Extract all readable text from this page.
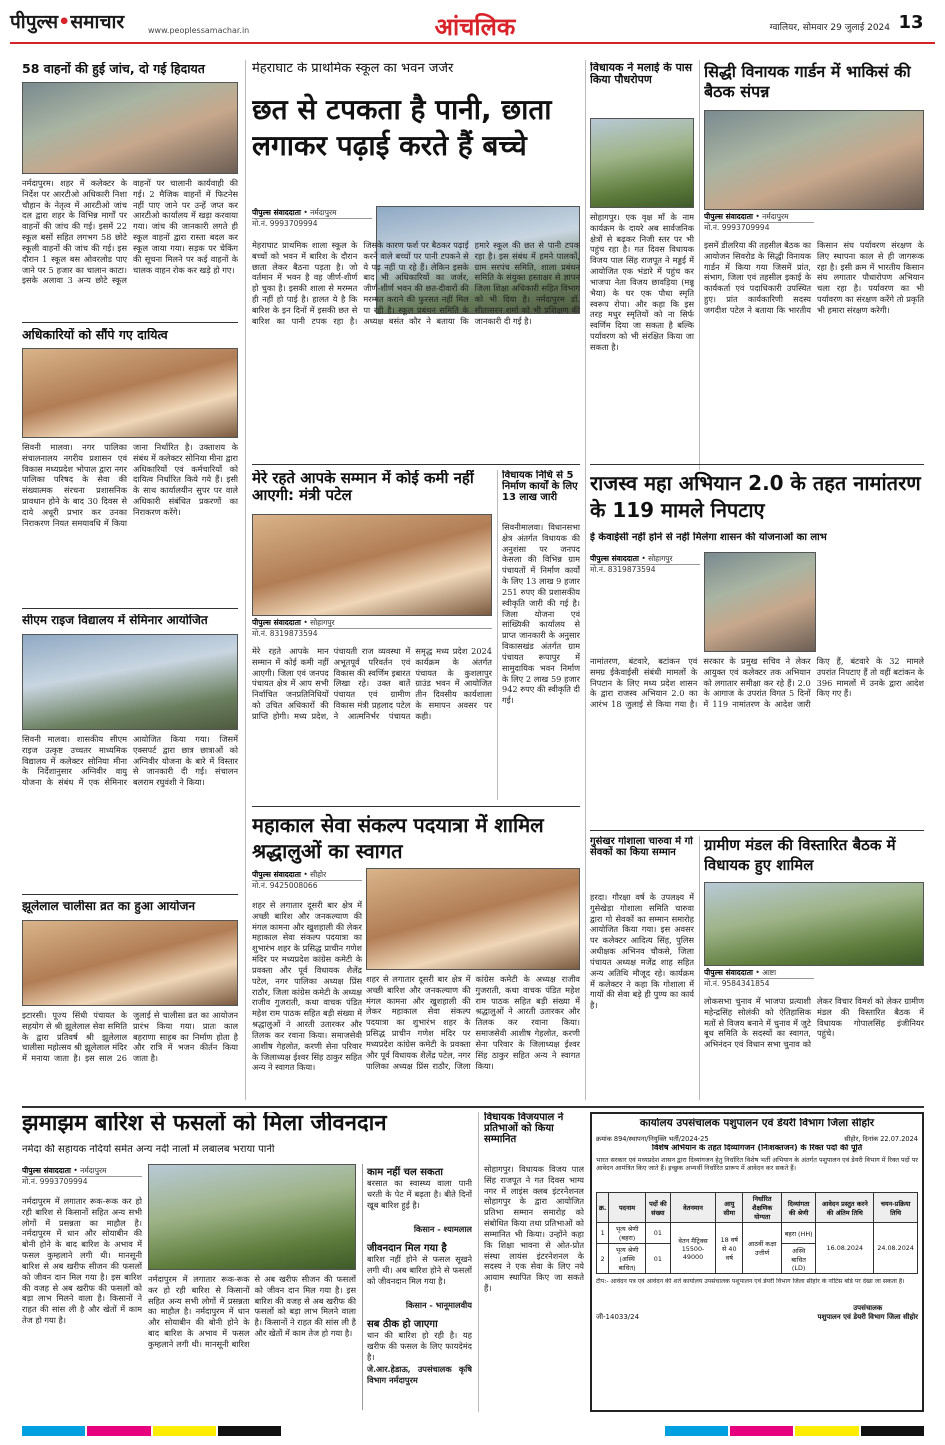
पीपुल्स•समाचार	www.peoplessamachar.in	आंचलिक	ग्वालियर, सोमवार 29 जुलाई 2024 13
58 वाहनों की हुई जांच, दो गई हिदायत
नर्मदापुरम। शहर में कलेक्टर के निर्देश पर आरटीओ अधिकारी निशा चौहान के नेतृत्व में आरटीओ जांच दल द्वारा शहर के विभिन्न मार्गों पर वाहनों की जांच की गई। इसमें 22 स्कूल बसों सहित लगभग 58 छोटे स्कूली वाहनों की जांच की गई। इस दौरान 1 स्कूल बस ओवरलोड पाए जाने पर 5 हजार का चालान काटा। इसके अलावा 3 अन्य छोटे स्कूल वाहनों पर चालानी कार्यवाही की गई। 2 मैजिक वाहनों में फिटनेस नहीं पाए जाने पर उन्हें जप्त कर आरटीओ कार्यालय में खड़ा करवाया गया। जांच की जानकारी लगते ही स्कूल वाहनों द्वारा रास्ता बदल कर स्कूल जाया गया। सड़क पर चेकिंग की सूचना मिलने पर कई वाहनों के चालक वाहन रोक कर खड़े हो गए।
अधिकारियों को सौंपे गए दायित्व
सिवनी मालवा। नगर पालिका संचालनालय नगरीय प्रशासन एवं विकास मध्यप्रदेश भोपाल द्वारा नगर पालिका परिषद के सेवा की संख्यात्मक संरचना प्रशासनिक प्रावधान होने के बाद 30 दिवस से दाये अधूरी प्रभार कर उनका निराकरण नियत समयावधि में किया जाना निर्धारित है। उक्ताशय के संबंध में कलेक्टर सोनिया मीना द्वारा अधिकारियों एवं कर्मचारियों को दायित्व निर्धारित किये गये हैं। इसी के साथ कार्यालयीन सुपर पर वाले अधिकारी संबंधित प्रकरणों का निराकरण करेंगे।
सीएम राइज विद्यालय में सेमिनार आयोजित
सिवनी मालवा। शासकीय सीएम राइज उत्कृष्ट उच्चतर माध्यमिक विद्यालय में कलेक्टर सोनिया मीना के निर्देशानुसार अग्निवीर वायु योजना के संबंध में एक सेमिनार आयोजित किया गया। जिसमें एक्सपर्ट द्वारा छात्र छात्राओं को अग्निवीर योजना के बारे में विस्तार से जानकारी दी गई। संचालन बलराम रघुवंशी ने किया।
झूलेलाल चालीसा व्रत का हुआ आयोजन
इटारसी। पूज्य सिंधी पंचायत के सहयोग से श्री झूलेलाल सेवा समिति के द्वारा प्रतिवर्ष श्री झूलेलाल चालीसा महोत्सव श्री झूलेलाल मंदिर में मनाया जाता है। इस साल 26 जुलाई से चालीसा व्रत का आयोजन प्रारंभ किया गया। प्रातः काल बहराणा साहब का निर्माण होता है और रात्रि में भजन कीर्तन किया जाता है।
मेहराघाट के प्राथमिक स्कूल का भवन जर्जर
छत से टपकता है पानी, छाता लगाकर पढ़ाई करते हैं बच्चे
पीपुल्स संवाददाता • नर्मदापुरम
मो.नं. 9993709994
मेहराघाट प्राथमिक शाला स्कूल के बच्चों को भवन में बारिश के दौरान छाता लेकर बैठना पड़ता है। जो वर्तमान में भवन है वह जीर्ण-शीर्ण हो चुका है। इसकी शाला से मरम्मत ही नहीं हो पाई है। हालत ये है कि बारिश के इन दिनों में इसकी छत से बारिश का पानी टपक रहा है। जिसके कारण फर्श पर बैठकर पढ़ाई करने वाले बच्चों पर पानी टपकने से ये पढ़ नहीं पा रहे हैं। लेकिन इसके बाद भी अधिकारियों का जर्जर, जीर्ण-शीर्ण भवन की छत-दीवारों की मरम्मत कराने की फुरसत नहीं मिल पा रही है। स्कूल प्रबंधन समिति के अध्यक्ष बसंत कौर ने बताया कि हमारे स्कूल की छत से पानी टपक रहा है। इस संबंध में हमने पालकों, ग्राम सरपंच समिति, शाला प्रबंधन समिति के संयुक्त हस्ताक्षर से ज्ञापन जिला शिक्षा अधिकारी सहित विभाग को भी दिया है। नर्मदापुरम डॉ. सीतासरन शर्मा को भी प्रशिक्षण की जानकारी दी गई है।
मेरे रहते आपके सम्मान में कोई कमी नहीं आएगी: मंत्री पटेल
पीपुल्स संवाददाता • सोहागपुर
मो.नं. 8319873594
मेरे रहते आपके मान सम्मान में कोई कमी नहीं आएगी। जिला एवं जनपद पंचायत क्षेत्र में आप सभी निर्वाचित जनप्रतिनिधियों को उचित अधिकारों की प्राप्ति होगी। मध्य प्रदेश, पंचायती राज व्यवस्था में अभूतपूर्व परिवर्तन एवं विकास की स्वर्णिम इबारत लिखा रहे। उक्त बातें पंचायत एवं ग्रामीण विकास मंत्री प्रहलाद पटेल ने आत्मनिर्भर पंचायत समृद्ध मध्य प्रदेश 2024 कार्यक्रम के अंतर्गत पंचायत के कुशलापुर ग्राउंड भवन में आयोजित तीन दिवसीय कार्यशाला के समापन अवसर पर कही।
विधायक निधि से 5 निर्माण कार्यों के लिए 13 लाख जारी
सिवनीमालवा। विधानसभा क्षेत्र अंतर्गत विधायक की अनुशंसा पर जनपद केसला की विभिन्न ग्राम पंचायतों में निर्माण कार्यों के लिए 13 लाख 9 हजार 251 रुपए की प्रशासकीय स्वीकृति जारी की गई है। जिला योजना एवं सांख्यिकी कार्यालय से प्राप्त जानकारी के अनुसार विकासखंड अंतर्गत ग्राम पंचायत रूपापुर में सामुदायिक भवन निर्माण के लिए 2 लाख 59 हजार 942 रुपए की स्वीकृति दी गई।
महाकाल सेवा संकल्प पदयात्रा में शामिल श्रद्धालुओं का स्वागत
पीपुल्स संवाददाता • सीहोर
मो.नं. 9425008066
शहर से लगातार दूसरी बार क्षेत्र में अच्छी बारिश और जनकल्याण की मंगल कामना और खुशहाली की लेकर महाकाल सेवा संकल्प पदयात्रा का शुभारंभ शहर के प्रसिद्ध प्राचीन गणेश मंदिर पर मध्यप्रदेश कांग्रेस कमेटी के प्रवक्ता और पूर्व विधायक शैलेंद्र पटेल, नगर पालिका अध्यक्ष प्रिंस राठौर, जिला कांग्रेस कमेटी के अध्यक्ष राजीव गुजराती, कथा वाचक पंडित महेश राम पाठक सहित बड़ी संख्या में श्रद्धालुओं ने आरती उतारकर और तिलक कर रवाना किया। समाजसेवी आशीष गेहलोत, करणी सेना परिवार के जिलाध्यक्ष ईश्वर सिंह ठाकुर सहित अन्य ने स्वागत किया।
शहर से लगातार दूसरी बार क्षेत्र में अच्छी बारिश और जनकल्याण की मंगल कामना और खुशहाली की लेकर महाकाल सेवा संकल्प पदयात्रा का शुभारंभ शहर के प्रसिद्ध प्राचीन गणेश मंदिर पर मध्यप्रदेश कांग्रेस कमेटी के प्रवक्ता और पूर्व विधायक शैलेंद्र पटेल, नगर पालिका अध्यक्ष प्रिंस राठौर, जिला कांग्रेस कमेटी के अध्यक्ष राजीव गुजराती, कथा वाचक पंडित महेश राम पाठक सहित बड़ी संख्या में श्रद्धालुओं ने आरती उतारकर और तिलक कर रवाना किया। समाजसेवी आशीष गेहलोत, करणी सेना परिवार के जिलाध्यक्ष ईश्वर सिंह ठाकुर सहित अन्य ने स्वागत किया।
विधायक ने मलाई के पास किया पौधरोपण
सोहागपुर। एक वृक्ष माँ के नाम कार्यक्रम के दायरे अब सार्वजनिक क्षेत्रों से बढ़कर निजी स्तर पर भी पहुंच रहा है। गत दिवस विधायक विजय पाल सिंह राजपूत ने मड्डई में आयोजित एक भंडारे में पहुंच कर भाजपा नेता विजय छावड़िया (मन्नू भैया) के घर एक पौधा स्मृति स्वरूप रोपा। और कहा कि इस तरह मधुर स्मृतियों को ना सिर्फ स्वर्णिम दिया जा सकता है बल्कि पर्यावरण को भी संरक्षित किया जा सकता है।
गुसेखर गोशाला चारुवा में गो सेवकों का किया सम्मान
हरदा। गौरक्षा वर्ष के उपलक्ष्य में गुसेखेड़ा गोशाला समिति चारुवा द्वारा गो सेवकों का सम्मान समारोह आयोजित किया गया। इस अवसर पर कलेक्टर आदित्य सिंह, पुलिस अधीक्षक अभिनव चौकसे, जिला पंचायत अध्यक्ष मजेंद्र शाह सहित अन्य अतिथि मौजूद रहे। कार्यक्रम में कलेक्टर ने कहा कि गोशाला में गायों की सेवा बड़े ही पुण्य का कार्य है।
सिद्धी विनायक गार्डन में भाकिसं की बैठक संपन्न
पीपुल्स संवाददाता • नर्मदापुरम
मो.नं. 9993709994
इसमें डीलरिया की तहसील बैठक का आयोजन सिवरोड के सिद्धी विनायक गार्डन में किया गया जिसमें प्रांत, संभाग, जिला एवं तहसील इकाई के कार्यकर्ता एवं पदाधिकारी उपस्थित हुए। प्रांत कार्यकारिणी सदस्य जगदीश पटेल ने बताया कि भारतीय किसान संघ पर्यावरण संरक्षण के लिए स्थापना काल से ही जागरूक रहा है। इसी क्रम में भारतीय किसान संघ लगातार पौधारोपण अभियान चला रहा है। पर्यावरण का भी पर्यावरण का संरक्षण करेंगे तो प्रकृति भी हमारा संरक्षण करेगी।
राजस्व महा अभियान 2.0 के तहत नामांतरण के 119 मामले निपटाए
ई केवाईसी नहीं होने से नहीं मिलेगा शासन की योजनाओं का लाभ
पीपुल्स संवाददाता • सोहागपुर
मो.नं. 8319873594
नामांतरण, बंटवारे, बटांकन एवं समग्र ईकेवाईसी संबंधी मामलों के निपटान के लिए मध्य प्रदेश शासन के द्वारा राजस्व अभियान 2.0 का आरंभ 18 जुलाई से किया गया है। सरकार के प्रमुख सचिव ने लेकर आयुक्त एवं कलेक्टर तक अभियान को लगातार समीक्षा कर रहे हैं। 2.0 के आगाज के उपरांत विगत 5 दिनों में 119 नामांतरण के आदेश जारी किए हैं, बंटवारे के 32 मामले उपरांत निपटाए हैं तो वहीं बटांकन के 396 मामलों में उनके द्वारा आदेश किए गए हैं।
ग्रामीण मंडल की विस्तारित बैठक में विधायक हुए शामिल
पीपुल्स संवाददाता • आष्टा
मो.नं. 9584341854
लोकसभा चुनाव में भाजपा प्रत्याशी महेन्द्रसिंह सोलंकी को ऐतिहासिक मतों से विजय बनाने में चुनाव में जुटे बूथ समिति के सदस्यों का स्वागत, अभिनंदन एवं विधान सभा चुनाव को लेकर विचार विमर्श को लेकर ग्रामीण मंडल की विस्तारित बैठक में विधायक गोपालसिंह इंजीनियर पहुंचे।
झमाझम बारिश से फसलों को मिला जीवनदान
नर्मदा की सहायक नदियों समेत अन्य नदी नालों में लबालब भराया पानी
पीपुल्स संवाददाता • नर्मदापुरम
मो.नं. 9993709994
नर्मदापुरम में लगातार रूक-रूक कर हो रही बारिश से किसानों सहित अन्य सभी लोगों में प्रसन्नता का माहौल है। नर्मदापुरम में धान और सोयाबीन की बोनी होने के बाद बारिश के अभाव में फसल कुम्हलाने लगी थी। मानसूनी बारिश से अब खरीफ सीजन की फसलों को जीवन दान मिल गया है। इस बारिश की वजह से अब खरीफ की फसलों को बड़ा लाभ मिलने वाला है। किसानों ने राहत की सांस ली है और खेतों में काम तेज हो गया है।
नर्मदापुरम में लगातार रूक-रूक कर हो रही बारिश से किसानों सहित अन्य सभी लोगों में प्रसन्नता का माहौल है। नर्मदापुरम में धान और सोयाबीन की बोनी होने के बाद बारिश के अभाव में फसल कुम्हलाने लगी थी। मानसूनी बारिश से अब खरीफ सीजन की फसलों को जीवन दान मिल गया है। इस बारिश की वजह से अब खरीफ की फसलों को बड़ा लाभ मिलने वाला है। किसानों ने राहत की सांस ली है और खेतों में काम तेज हो गया है।
काम नहीं चल सकता
बरसात का स्वास्थ्य वाला पानी धरती के पेट में बढ़ता है। बीते दिनों खूब बारिश हुई है।
किसान - श्यामलाल
जीवनदान मिल गया है
बारिश नहीं होने से फसल सूखने लगी थी। अब बारिश होने से फसलों को जीवनदान मिल गया है।
किसान - भानूमालवीय
सब ठीक हो जाएगा
धान की बारिश हो रही है। यह खरीफ की फसल के लिए फायदेमंद है।
जे.आर.हेडाऊ, उपसंचालक कृषि विभाग नर्मदापुरम
विधायक विजयपाल ने प्रतिभाओं को किया सम्मानित
सोहागपुर। विधायक विजय पाल सिंह राजपूत ने गत दिवस भाग्य नगर में लाइंस क्लब इंटरनेशनल सोहागपुर के द्वारा आयोजित प्रतिभा सम्मान समारोह को संबोधित किया तथा प्रतिभाओं को सम्मानित भी किया। उन्होंने कहा कि शिक्षा भावना से ओत-प्रोत संस्था लायंस इंटरनेशनल के सदस्य ने एक सेवा के लिए नये आयाम स्थापित किए जा सकते हैं।
कार्यालय उपसंचालक पशुपालन एवं डेयरी विभाग जिला सीहोर
क्रमांक 894/स्थापना/नियुक्ति भर्ती/2024-25	सीहोर, दिनांक 22.07.2024
विशेष अभियान के तहत दिव्यांगजन (निःशक्तजन) के रिक्त पदों की पूर्ति
भारत सरकार एवं मध्यप्रदेश शासन द्वारा दिव्यांगजन हेतु निर्धारित विशेष भर्ती अभियान के अंतर्गत पशुपालन एवं डेयरी विभाग में रिक्त पदों पर आवेदन आमंत्रित किए जाते हैं। इच्छुक अभ्यर्थी निर्धारित प्रारूप में आवेदन कर सकते हैं।
क्र.	पदनाम	पदों की संख्या	वेतनमान	आयु सीमा	निर्धारित शैक्षणिक योग्यता	दिव्यांगता की श्रेणी	आवेदन प्रस्तुत करने की अंतिम तिथि	चयन-प्रक्रिया तिथि
1	भृत्य श्रेणी (बहरा)	01	वेतन मैट्रिक्स 15500-49000	18 वर्ष से 40 वर्ष	आठवीं कक्षा उत्तीर्ण	बहरा (HH)	16.08.2024	24.08.2024
2	भृत्य श्रेणी (अस्थि बाधित)	01				अस्थि बाधित (LD)		
टीप:- आवेदन पत्र एवं आवेदन की शर्ते कार्यालय उपसंचालक पशुपालन एवं डेयरी विभाग जिला सीहोर के नोटिस बोर्ड पर देखा जा सकता है।
जी-14033/24
उपसंचालक
पशुपालन एवं डेयरी विभाग जिला सीहोर
